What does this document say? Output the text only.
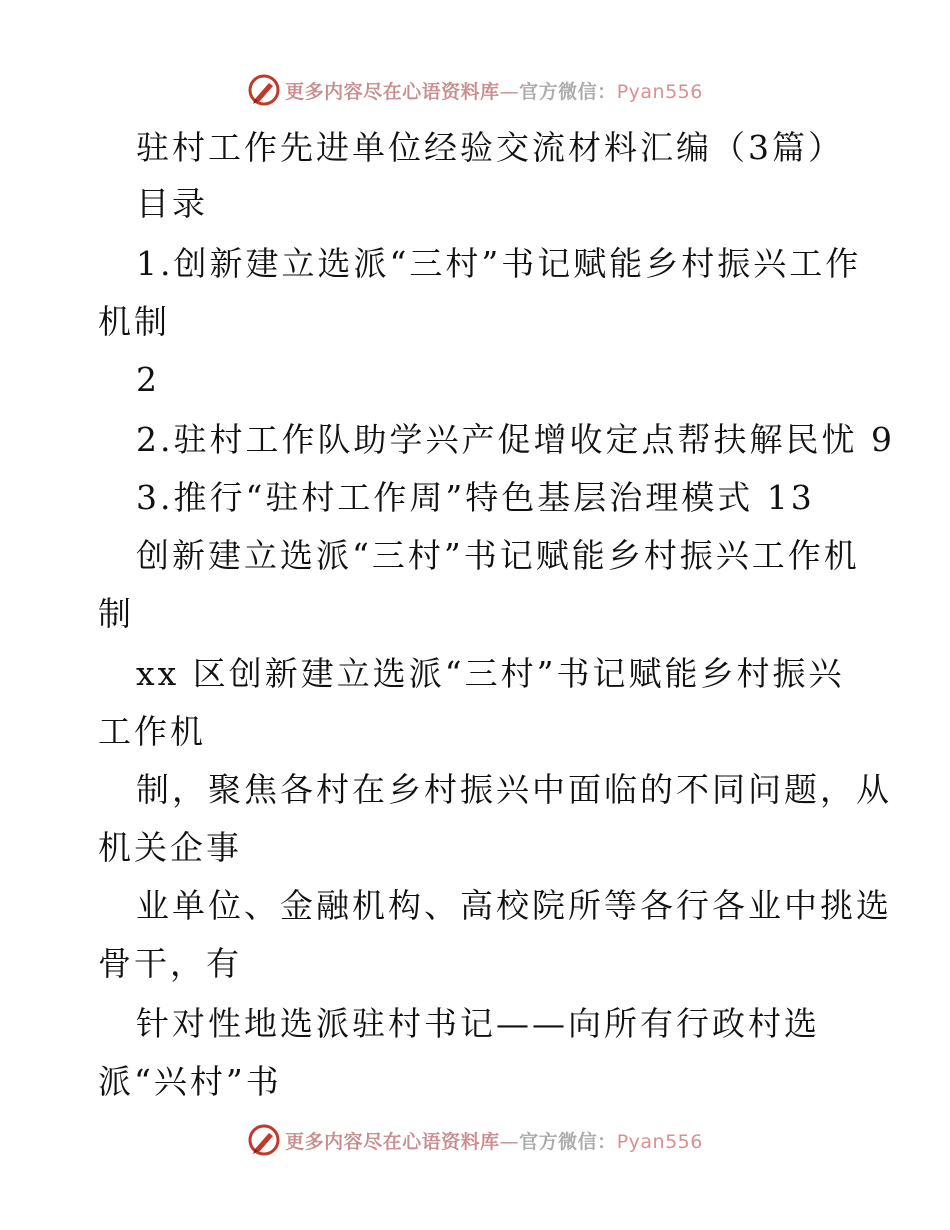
更多内容尽在心语资料库—官方微信：Pyan556
驻村工作先进单位经验交流材料汇编（3篇）
目录
1.创新建立选派“三村”书记赋能乡村振兴工作
机制
2
2.驻村工作队助学兴产促增收定点帮扶解民忧 9
3.推行“驻村工作周”特色基层治理模式 13
创新建立选派“三村”书记赋能乡村振兴工作机
制
xx 区创新建立选派“三村”书记赋能乡村振兴
工作机
制，聚焦各村在乡村振兴中面临的不同问题，从
机关企事
业单位、金融机构、高校院所等各行各业中挑选
骨干，有
针对性地选派驻村书记——向所有行政村选
派“兴村”书
更多内容尽在心语资料库—官方微信：Pyan556
